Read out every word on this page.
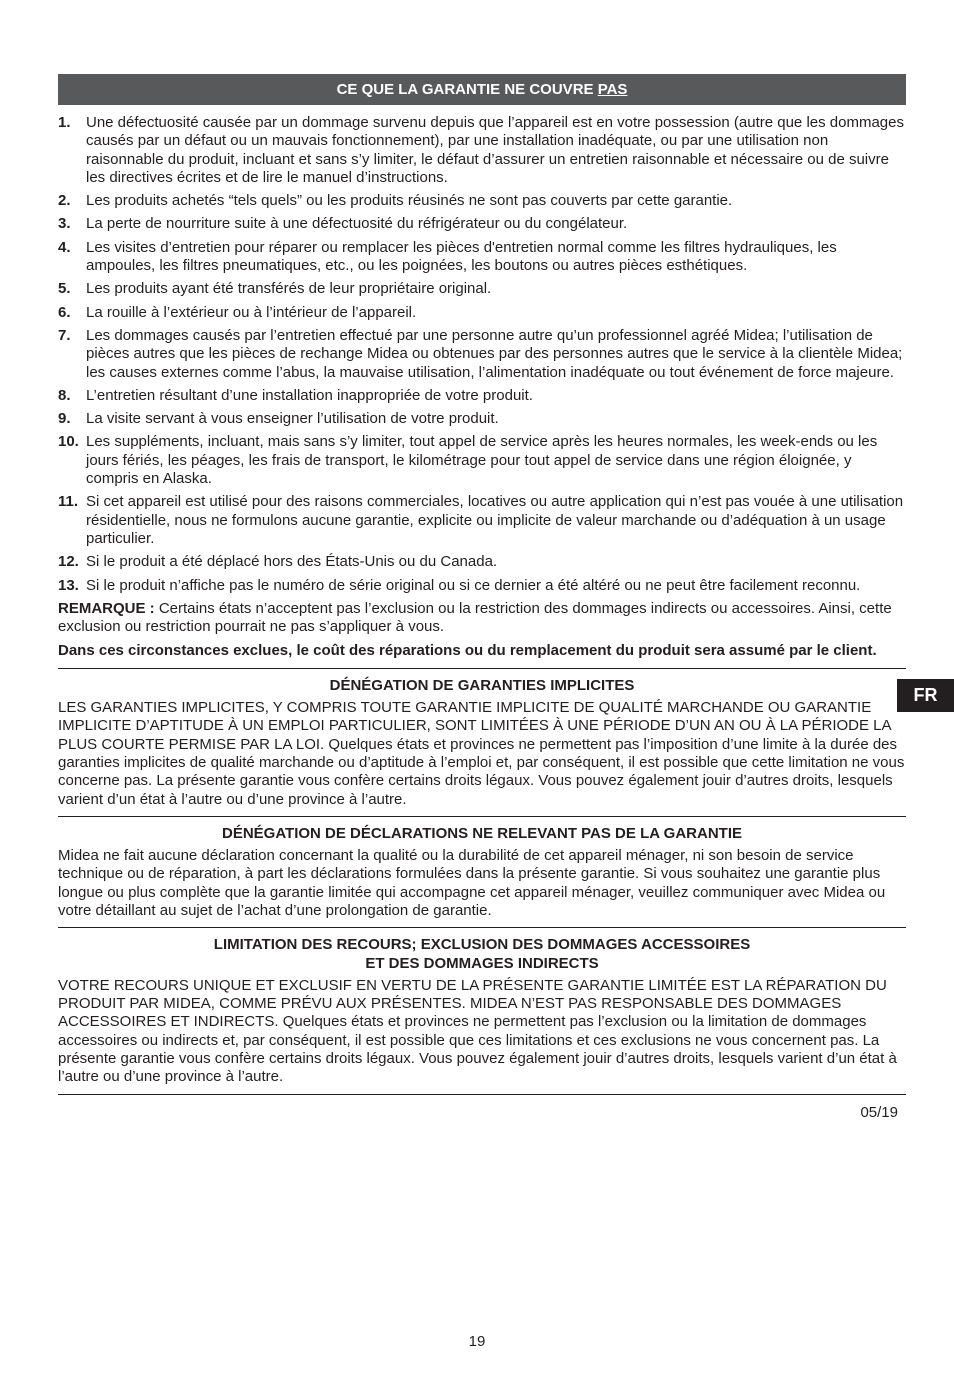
CE QUE LA GARANTIE NE COUVRE PAS
1. Une défectuosité causée par un dommage survenu depuis que l’appareil est en votre possession (autre que les dommages causés par un défaut ou un mauvais fonctionnement), par une installation inadéquate, ou par une utilisation non raisonnable du produit, incluant et sans s’y limiter, le défaut d’assurer un entretien raisonnable et nécessaire ou de suivre les directives écrites et de lire le manuel d’instructions.
2. Les produits achetés “tels quels” ou les produits réusinés ne sont pas couverts par cette garantie.
3. La perte de nourriture suite à une défectuosité du réfrigérateur ou du congélateur.
4. Les visites d’entretien pour réparer ou remplacer les pièces d'entretien normal comme les filtres hydrauliques, les ampoules, les filtres pneumatiques, etc., ou les poignées, les boutons ou autres pièces esthétiques.
5. Les produits ayant été transférés de leur propriétaire original.
6. La rouille à l’extérieur ou à l’intérieur de l’appareil.
7. Les dommages causés par l’entretien effectué par une personne autre qu’un professionnel agréé Midea; l’utilisation de pièces autres que les pièces de rechange Midea ou obtenues par des personnes autres que le service à la clientèle Midea; les causes externes comme l’abus, la mauvaise utilisation, l’alimentation inadéquate ou tout événement de force majeure.
8. L’entretien résultant d’une installation inappropriée de votre produit.
9. La visite servant à vous enseigner l’utilisation de votre produit.
10. Les suppléments, incluant, mais sans s’y limiter, tout appel de service après les heures normales, les week-ends ou les jours fériés, les péages, les frais de transport, le kilométrage pour tout appel de service dans une région éloignée, y compris en Alaska.
11. Si cet appareil est utilisé pour des raisons commerciales, locatives ou autre application qui n’est pas vouée à une utilisation résidentielle, nous ne formulons aucune garantie, explicite ou implicite de valeur marchande ou d’adéquation à un usage particulier.
12. Si le produit a été déplacé hors des États-Unis ou du Canada.
13. Si le produit n’affiche pas le numéro de série original ou si ce dernier a été altéré ou ne peut être facilement reconnu.

REMARQUE : Certains états n’acceptent pas l’exclusion ou la restriction des dommages indirects ou accessoires. Ainsi, cette exclusion ou restriction pourrait ne pas s’appliquer à vous.

Dans ces circonstances exclues, le coût des réparations ou du remplacement du produit sera assumé par le client.

DÉNÉGATION DE GARANTIES IMPLICITES

LES GARANTIES IMPLICITES, Y COMPRIS TOUTE GARANTIE IMPLICITE DE QUALITÉ MARCHANDE OU GARANTIE IMPLICITE D’APTITUDE À UN EMPLOI PARTICULIER, SONT LIMITÉES À UNE PÉRIODE D’UN AN OU À LA PÉRIODE LA PLUS COURTE PERMISE PAR LA LOI. Quelques états et provinces ne permettent pas l’imposition d’une limite à la durée des garanties implicites de qualité marchande ou d’aptitude à l’emploi et, par conséquent, il est possible que cette limitation ne vous concerne pas. La présente garantie vous confère certains droits légaux. Vous pouvez également jouir d’autres droits, lesquels varient d’un état à l’autre ou d’une province à l’autre.

DÉNÉGATION DE DÉCLARATIONS NE RELEVANT PAS DE LA GARANTIE

Midea ne fait aucune déclaration concernant la qualité ou la durabilité de cet appareil ménager, ni son besoin de service technique ou de réparation, à part les déclarations formulées dans la présente garantie. Si vous souhaitez une garantie plus longue ou plus complète que la garantie limitée qui accompagne cet appareil ménager, veuillez communiquer avec Midea ou votre détaillant au sujet de l’achat d’une prolongation de garantie.

LIMITATION DES RECOURS; EXCLUSION DES DOMMAGES ACCESSOIRES
ET DES DOMMAGES INDIRECTS

VOTRE RECOURS UNIQUE ET EXCLUSIF EN VERTU DE LA PRÉSENTE GARANTIE LIMITÉE EST LA RÉPARATION DU PRODUIT PAR MIDEA, COMME PRÉVU AUX PRÉSENTES. MIDEA N’EST PAS RESPONSABLE DES DOMMAGES ACCESSOIRES ET INDIRECTS. Quelques états et provinces ne permettent pas l’exclusion ou la limitation de dommages accessoires ou indirects et, par conséquent, il est possible que ces limitations et ces exclusions ne vous concernent pas. La présente garantie vous confère certains droits légaux. Vous pouvez également jouir d’autres droits, lesquels varient d’un état à l’autre ou d’une province à l’autre.

05/19
FR
19
